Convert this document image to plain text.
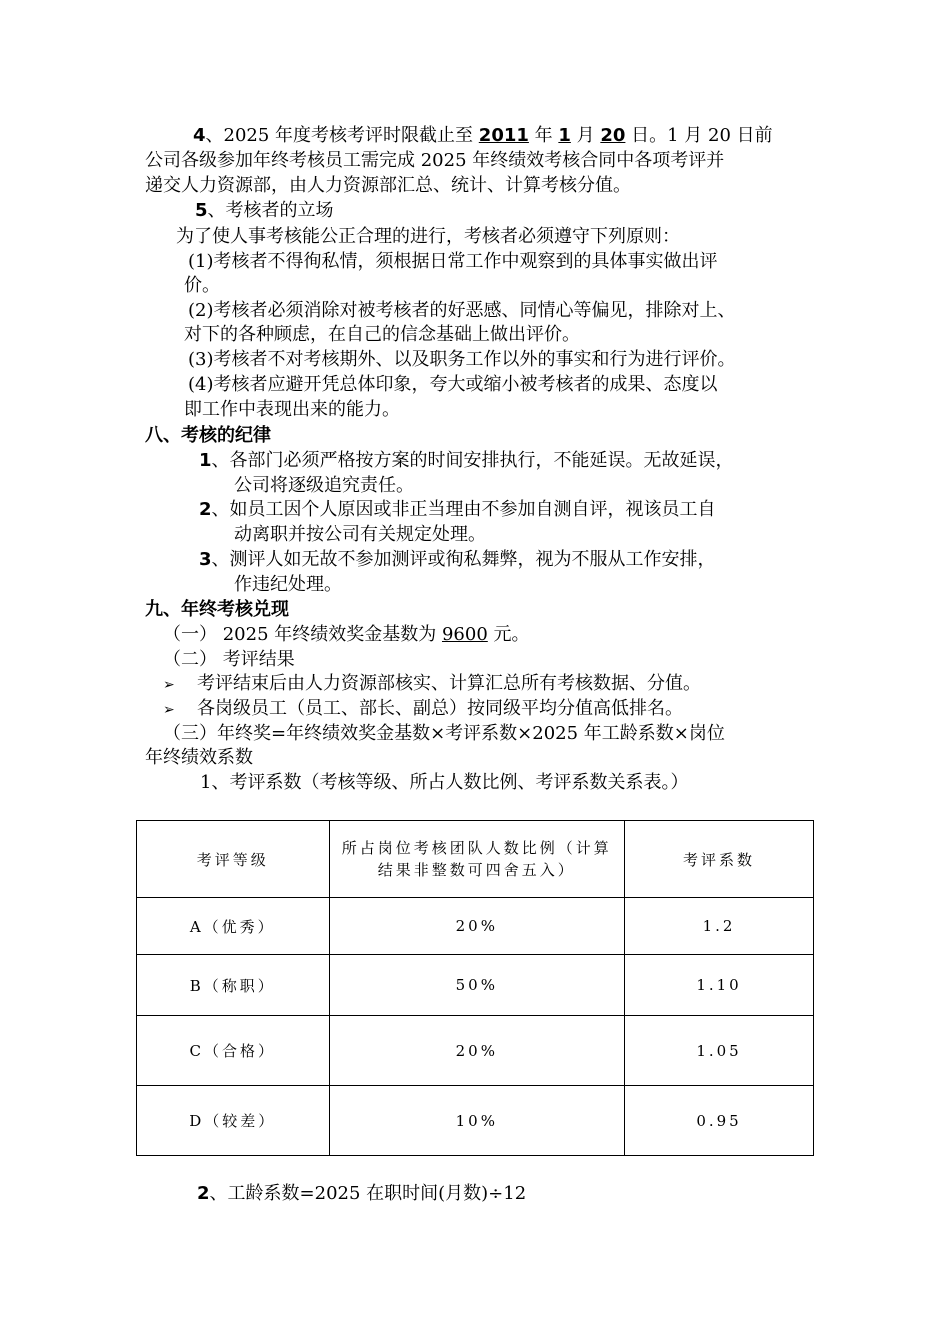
4、2025 年度考核考评时限截止至 2011 年 1 月 20 日。1 月 20 日前
公司各级参加年终考核员工需完成 2025 年终绩效考核合同中各项考评并
递交人力资源部，由人力资源部汇总、统计、计算考核分值。
5、考核者的立场
为了使人事考核能公正合理的进行，考核者必须遵守下列原则：
(1)考核者不得徇私情，须根据日常工作中观察到的具体事实做出评
价。
(2)考核者必须消除对被考核者的好恶感、同情心等偏见，排除对上、
对下的各种顾虑，在自己的信念基础上做出评价。
(3)考核者不对考核期外、以及职务工作以外的事实和行为进行评价。
(4)考核者应避开凭总体印象，夸大或缩小被考核者的成果、态度以
即工作中表现出来的能力。
八、考核的纪律
1、各部门必须严格按方案的时间安排执行，不能延误。无故延误，
公司将逐级追究责任。
2、如员工因个人原因或非正当理由不参加自测自评，视该员工自
动离职并按公司有关规定处理。
3、测评人如无故不参加测评或徇私舞弊，视为不服从工作安排，
作违纪处理。
九、年终考核兑现
（一） 2025 年终绩效奖金基数为 9600 元。
（二） 考评结果
➢ 考评结束后由人力资源部核实、计算汇总所有考核数据、分值。
➢ 各岗级员工（员工、部长、副总）按同级平均分值高低排名。
（三）年终奖=年终绩效奖金基数×考评系数×2025 年工龄系数×岗位
年终绩效系数
1、考评系数（考核等级、所占人数比例、考评系数关系表。）
考评等级	所占岗位考核团队人数比例（计算结果非整数可四舍五入）	考评系数
A（优秀）	20%	1.2
B（称职）	50%	1.10
C（合格）	20%	1.05
D（较差）	10%	0.95
2、工龄系数=2025 在职时间(月数)÷12
